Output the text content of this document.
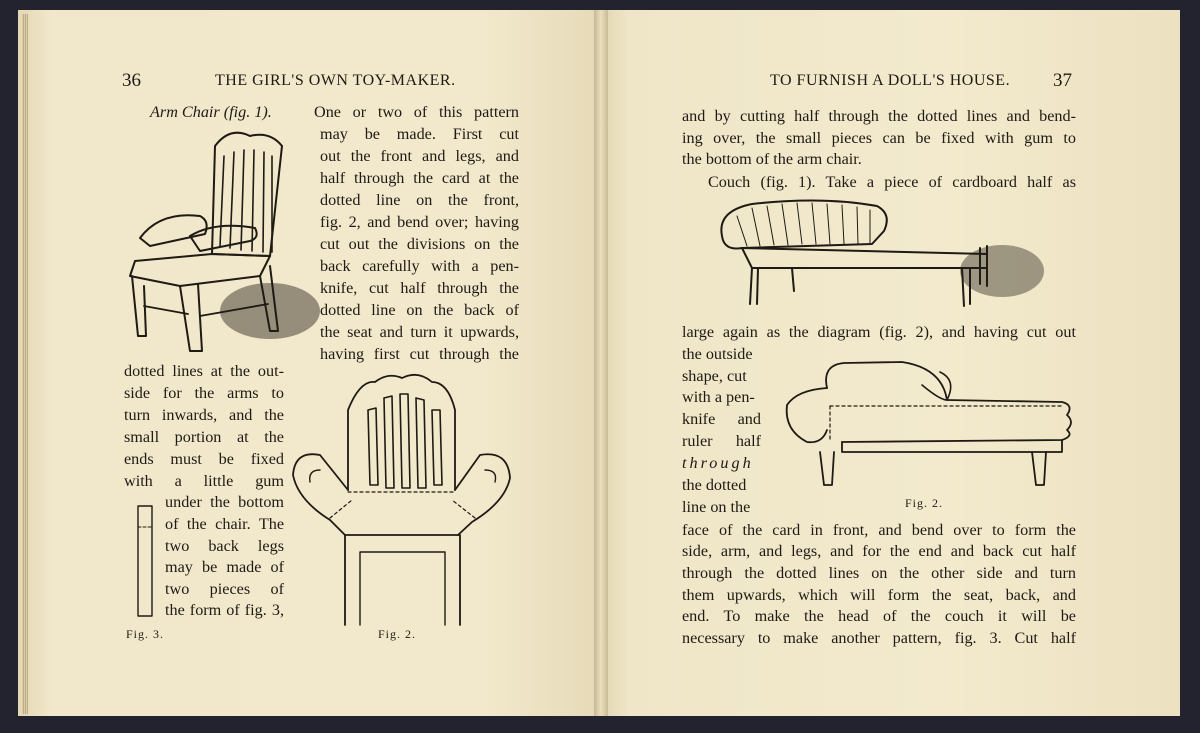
36	THE GIRL'S OWN TOY-MAKER.
Arm Chair (fig. 1).	One or two of this pattern
may be made. First cut
out the front and legs, and
half through the card at the
dotted line on the front,
fig. 2, and bend over; having
cut out the divisions on the
back carefully with a pen-
knife, cut half through the
dotted line on the back of
the seat and turn it upwards,
having first cut through the
dotted lines at the out-
side for the arms to
turn inwards, and the
small portion at the
ends must be fixed
with a little gum
under the bottom
of the chair. The
two back legs
may be made of
two pieces of
the form of fig. 3,
Fig. 3.	Fig. 2.
TO FURNISH A DOLL'S HOUSE. 37
and by cutting half through the dotted lines and bend-
ing over, the small pieces can be fixed with gum to
the bottom of the arm chair.
Couch (fig. 1). Take a piece of cardboard half as
large again as the diagram (fig. 2), and having cut out
the outside
shape, cut
with a pen-
knife and
ruler half
through
the dotted
line on the
face of the card in front, and bend over to form the
side, arm, and legs, and for the end and back cut half
through the dotted lines on the other side and turn
them upwards, which will form the seat, back, and
end. To make the head of the couch it will be
necessary to make another pattern, fig. 3. Cut half
Fig. 2.
